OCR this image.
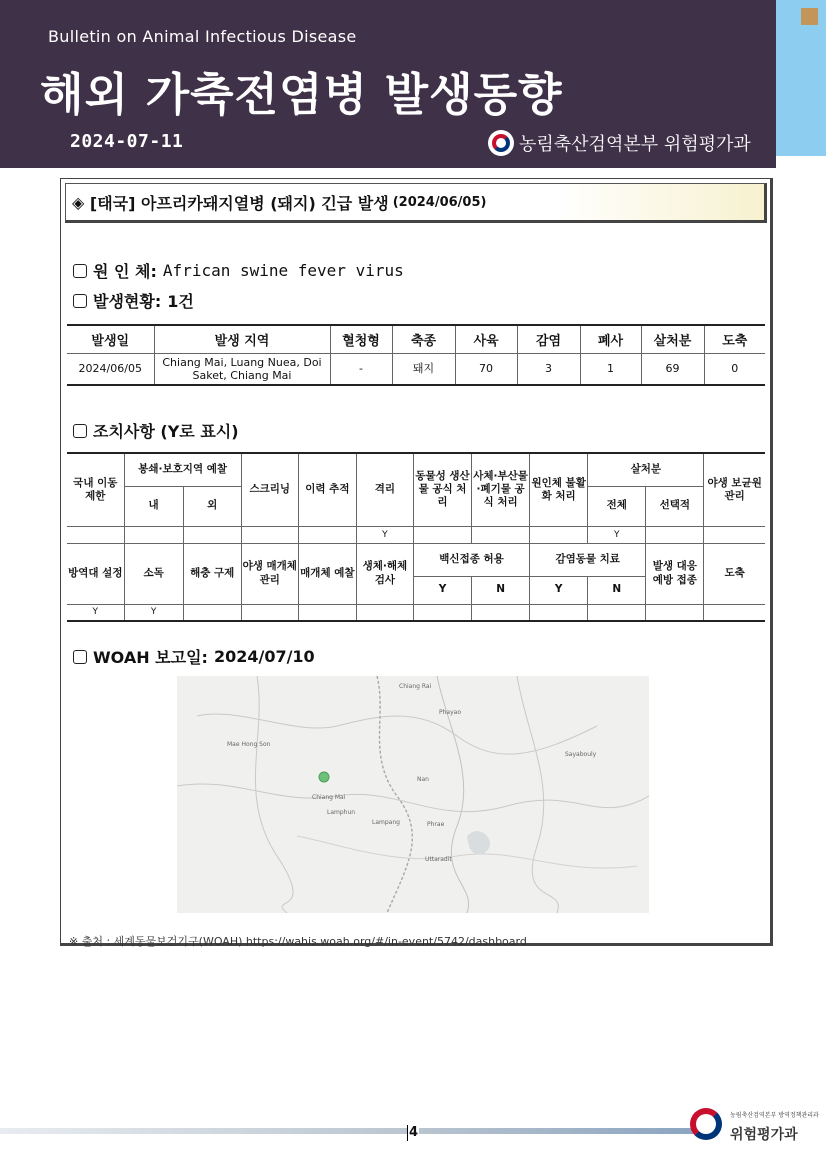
Bulletin on Animal Infectious Disease
해외 가축전염병 발생동향
2024-07-11	농림축산검역본부 위험평가과
◈
[태국] 아프리카돼지열병 (돼지) 긴급 발생 (2024/06/05)
원 인 체: African swine fever virus
발생현황: 1건
발생일	발생 지역	혈청형	축종	사육	감염	폐사	살처분	도축
2024/06/05	Chiang Mai, Luang Nuea, Doi Saket, Chiang Mai	-	돼지	70	3	1	69	0
조치사항 (Y로 표시)
국내 이동 제한	봉쇄·보호지역 예찰		스크리닝	이력 추적	격리	동물성 생산물 공식 처리	사체·부산물·폐기물 공식 처리	원인체 불활화 처리	살처분		야생 보균원 관리
	내	외							전체	선택적	
					Y				Y		
방역대 설정	소독	해충 구제	야생 매개체 관리	매개체 예찰	생체·해체 검사	백신접종 허용		감염동물 치료		발생 대응 예방 접종	도축
						Y	N	Y	N		
Y	Y										
WOAH 보고일: 2024/07/10
Chiang Rai
Phayao
Chiang Mai
Lamphun
Lampang
Nan
Phrae
Uttaradit
Sayabouly
Mae Hong Son
※ 출처 : 세계동물보건기구(WOAH) https://wahis.woah.org/#/in-event/5742/dashboard
4
농림축산검역본부 방역정책관리과
위험평가과
